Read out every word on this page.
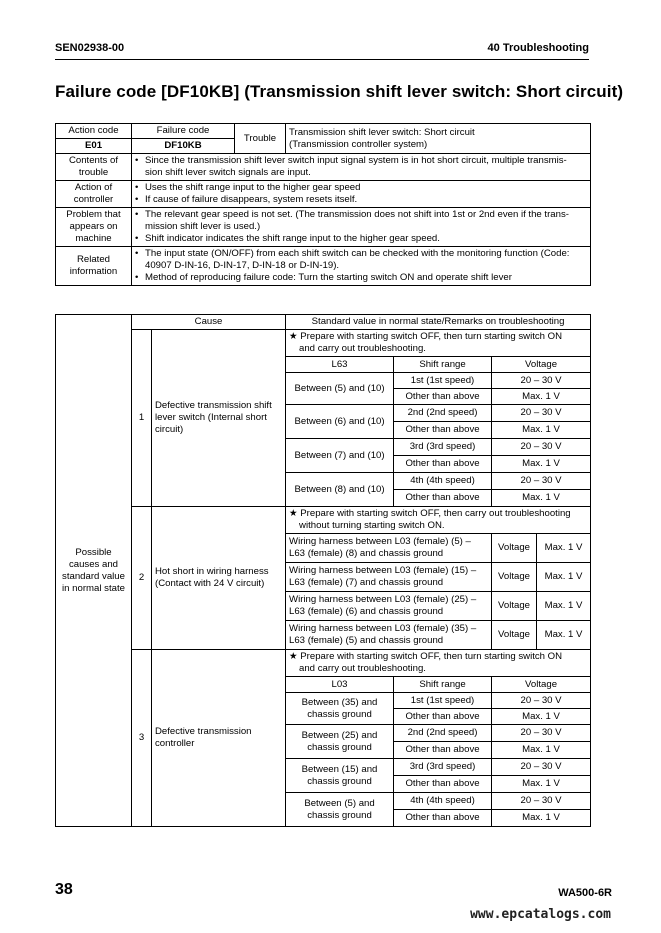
SEN02938-00	40 Troubleshooting
Failure code [DF10KB] (Transmission shift lever switch: Short circuit)
Action code	Failure code	Trouble	Transmission shift lever switch: Short circuit
(Transmission controller system)

E01	DF10KB		
Contents of trouble	• Since the transmission shift lever switch input signal system is in hot short circuit, multiple transmis-
sion shift lever switch signals are input.		

Action of controller	• Uses the shift range input to the higher gear speed
• If cause of failure disappears, system resets itself.		

Problem that appears on machine	• The relevant gear speed is not set. (The transmission does not shift into 1st or 2nd even if the trans-
mission shift lever is used.)
• Shift indicator indicates the shift range input to the higher gear speed.		

Related information	• The input state (ON/OFF) from each shift switch can be checked with the monitoring function (Code:
40907 D-IN-16, D-IN-17, D-IN-18 or D-IN-19).
• Method of reproducing failure code: Turn the starting switch ON and operate shift lever		
Possible causes and standard value in normal state	Cause		Standard value in normal state/Remarks on troubleshooting			
	1	Defective transmission shift lever switch (Internal short circuit)	★ Prepare with starting switch OFF, then turn starting switch ON
and carry out troubleshooting.			

			L63	Shift range	Voltage	
			Between (5) and (10)	1st (1st speed)	20 – 30 V	
				Other than above	Max. 1 V	
			Between (6) and (10)	2nd (2nd speed)	20 – 30 V	
				Other than above	Max. 1 V	
			Between (7) and (10)	3rd (3rd speed)	20 – 30 V	
				Other than above	Max. 1 V	
			Between (8) and (10)	4th (4th speed)	20 – 30 V	
				Other than above	Max. 1 V	
	2	Hot short in wiring harness (Contact with 24 V circuit)	★ Prepare with starting switch OFF, then carry out troubleshooting
without turning starting switch ON.			

			Wiring harness between L03 (female) (5) –
L63 (female) (8) and chassis ground		Voltage	Max. 1 V

			Wiring harness between L03 (female) (15) –
L63 (female) (7) and chassis ground		Voltage	Max. 1 V

			Wiring harness between L03 (female) (25) –
L63 (female) (6) and chassis ground		Voltage	Max. 1 V

			Wiring harness between L03 (female) (35) –
L63 (female) (5) and chassis ground		Voltage	Max. 1 V
	3	Defective transmission controller	★ Prepare with starting switch OFF, then turn starting switch ON
and carry out troubleshooting.			

			L03	Shift range	Voltage	

			Between (35) and
chassis ground	1st (1st speed)	20 – 30 V	
				Other than above	Max. 1 V	

			Between (25) and
chassis ground	2nd (2nd speed)	20 – 30 V	
				Other than above	Max. 1 V	

			Between (15) and
chassis ground	3rd (3rd speed)	20 – 30 V	
				Other than above	Max. 1 V	

			Between (5) and
chassis ground	4th (4th speed)	20 – 30 V	
				Other than above	Max. 1 V	
38	WA500-6R
www.epcatalogs.com
